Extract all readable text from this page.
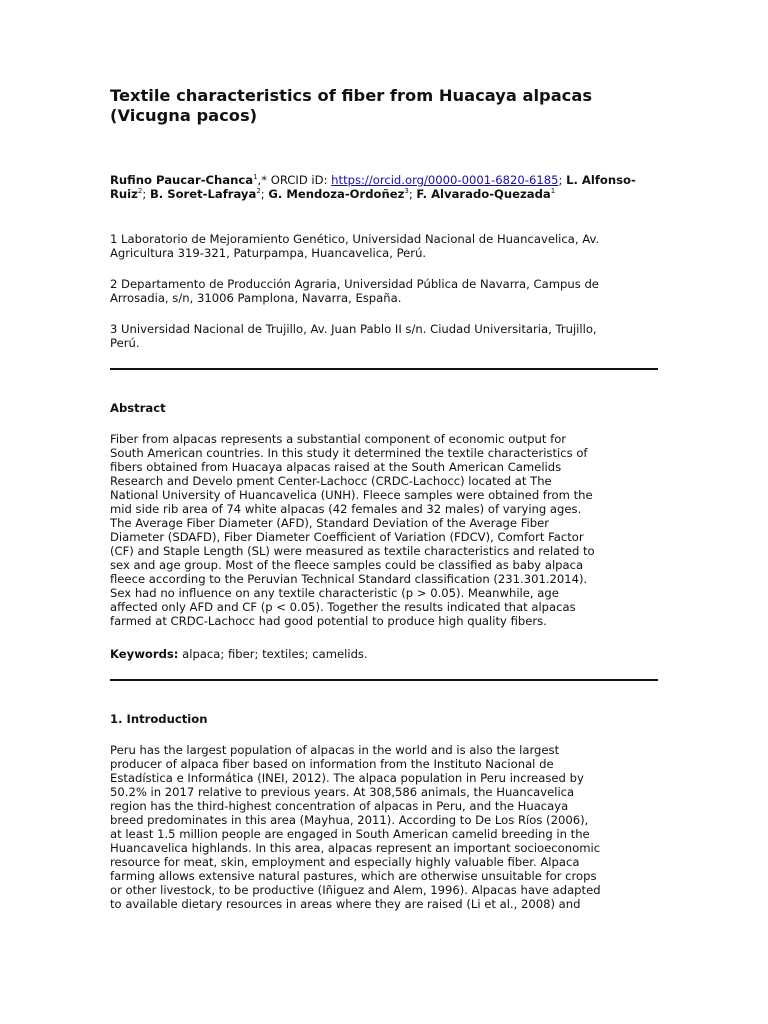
Textile characteristics of fiber from Huacaya alpacas
(Vicugna pacos)
Rufino Paucar-Chanca$^1$,* ORCID iD: https://orcid.org/0000-0001-6820-6185; L. Alfonso-Ruiz$^2$; B. Soret-Lafraya$^2$; G. Mendoza-Ordoñez$^3$; F. Alvarado-Quezada$^1$

1 Laboratorio de Mejoramiento Genético, Universidad Nacional de Huancavelica, Av.
Agricultura 319-321, Paturpampa, Huancavelica, Perú.

2 Departamento de Producción Agraria, Universidad Pública de Navarra, Campus de
Arrosadia, s/n, 31006 Pamplona, Navarra, España.

3 Universidad Nacional de Trujillo, Av. Juan Pablo II s/n. Ciudad Universitaria, Trujillo,
Perú.

Abstract

Fiber from alpacas represents a substantial component of economic output for
South American countries. In this study it determined the textile characteristics of
fibers obtained from Huacaya alpacas raised at the South American Camelids
Research and Develo pment Center-Lachocc (CRDC-Lachocc) located at The
National University of Huancavelica (UNH). Fleece samples were obtained from the
mid side rib area of 74 white alpacas (42 females and 32 males) of varying ages.
The Average Fiber Diameter (AFD), Standard Deviation of the Average Fiber
Diameter (SDAFD), Fiber Diameter Coefficient of Variation (FDCV), Comfort Factor
(CF) and Staple Length (SL) were measured as textile characteristics and related to
sex and age group. Most of the fleece samples could be classified as baby alpaca
fleece according to the Peruvian Technical Standard classification (231.301.2014).
Sex had no influence on any textile characteristic (p > 0.05). Meanwhile, age
affected only AFD and CF (p < 0.05). Together the results indicated that alpacas
farmed at CRDC-Lachocc had good potential to produce high quality fibers.

Keywords: alpaca; fiber; textiles; camelids.

1. Introduction

Peru has the largest population of alpacas in the world and is also the largest
producer of alpaca fiber based on information from the Instituto Nacional de
Estadística e Informática (INEI, 2012). The alpaca population in Peru increased by
50.2% in 2017 relative to previous years. At 308,586 animals, the Huancavelica
region has the third-highest concentration of alpacas in Peru, and the Huacaya
breed predominates in this area (Mayhua, 2011). According to De Los Ríos (2006),
at least 1.5 million people are engaged in South American camelid breeding in the
Huancavelica highlands. In this area, alpacas represent an important socioeconomic
resource for meat, skin, employment and especially highly valuable fiber. Alpaca
farming allows extensive natural pastures, which are otherwise unsuitable for crops
or other livestock, to be productive (Iñiguez and Alem, 1996). Alpacas have adapted
to available dietary resources in areas where they are raised (Li et al., 2008) and
